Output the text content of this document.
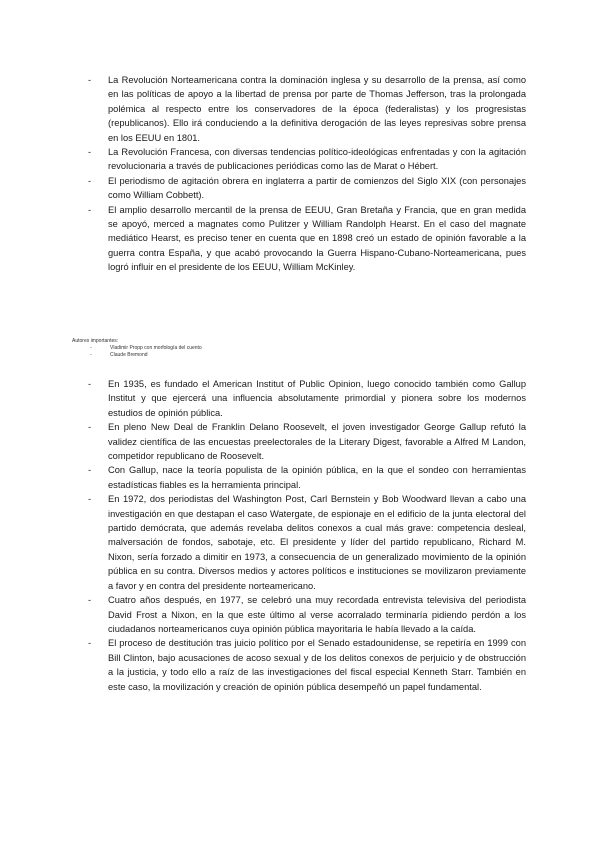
- La Revolución Norteamericana contra la dominación inglesa y su desarrollo de la prensa, así como en las políticas de apoyo a la libertad de prensa por parte de Thomas Jefferson, tras la prolongada polémica al respecto entre los conservadores de la época (federalistas) y los progresistas (republicanos). Ello irá conduciendo a la definitiva derogación de las leyes represivas sobre prensa en los EEUU en 1801.

- La Revolución Francesa, con diversas tendencias político-ideológicas enfrentadas y con la agitación revolucionaria a través de publicaciones periódicas como las de Marat o Hébert.

- El periodismo de agitación obrera en inglaterra a partir de comienzos del Siglo XIX (con personajes como William Cobbett).

- El amplio desarrollo mercantil de la prensa de EEUU, Gran Bretaña y Francia, que en gran medida se apoyó, merced a magnates como Pulitzer y William Randolph Hearst. En el caso del magnate mediático Hearst, es preciso tener en cuenta que en 1898 creó un estado de opinión favorable a la guerra contra España, y que acabó provocando la Guerra Hispano-Cubano-Norteamericana, pues logró influir en el presidente de los EEUU, William McKinley.

Autores importantes:
-	Vladimir Propp con morfología del cuento
-	Claude Bremond
- En 1935, es fundado el American Institut of Public Opinion, luego conocido también como Gallup Institut y que ejercerá una influencia absolutamente primordial y pionera sobre los modernos estudios de opinión pública.

- En pleno New Deal de Franklin Delano Roosevelt, el joven investigador George Gallup refutó la validez científica de las encuestas preelectorales de la Literary Digest, favorable a Alfred M Landon, competidor republicano de Roosevelt.

- Con Gallup, nace la teoría populista de la opinión pública, en la que el sondeo con herramientas estadísticas fiables es la herramienta principal.

- En 1972, dos periodistas del Washington Post, Carl Bernstein y Bob Woodward llevan a cabo una investigación en que destapan el caso Watergate, de espionaje en el edificio de la junta electoral del partido demócrata, que además revelaba delitos conexos a cual más grave: competencia desleal, malversación de fondos, sabotaje, etc. El presidente y líder del partido republicano, Richard M. Nixon, sería forzado a dimitir en 1973, a consecuencia de un generalizado movimiento de la opinión pública en su contra. Diversos medios y actores políticos e instituciones se movilizaron previamente a favor y en contra del presidente norteamericano.

- Cuatro años después, en 1977, se celebró una muy recordada entrevista televisiva del periodista David Frost a Nixon, en la que este último al verse acorralado terminaría pidiendo perdón a los ciudadanos norteamericanos cuya opinión pública mayoritaria le había llevado a la caída.

- El proceso de destitución tras juicio político por el Senado estadounidense, se repetiría en 1999 con Bill Clinton, bajo acusaciones de acoso sexual y de los delitos conexos de perjuicio y de obstrucción a la justicia, y todo ello a raíz de las investigaciones del fiscal especial Kenneth Starr. También en este caso, la movilización y creación de opinión pública desempeñó un papel fundamental.
